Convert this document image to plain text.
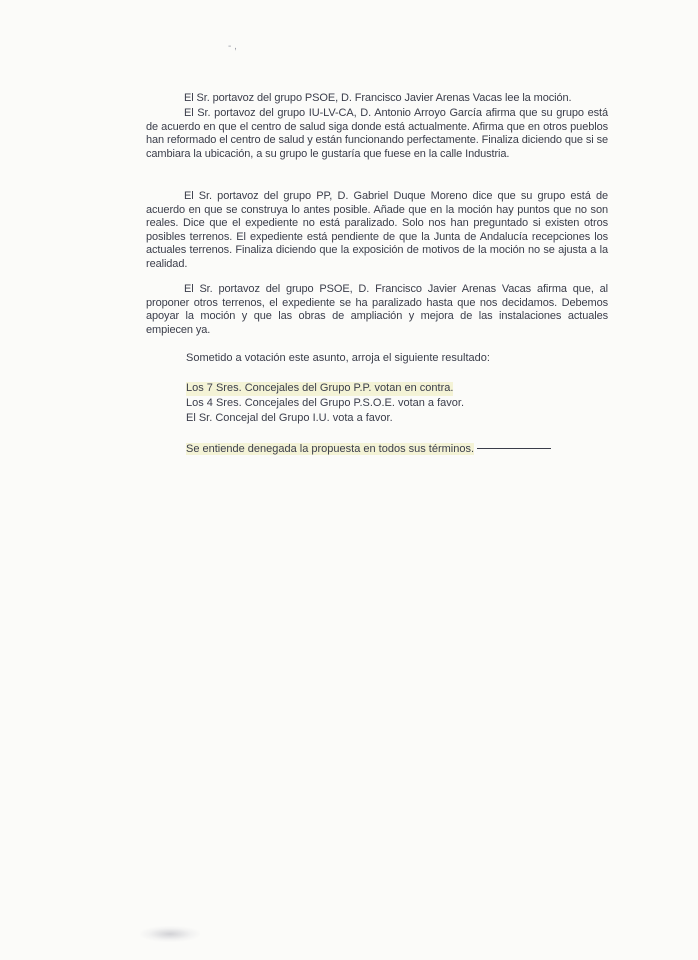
- ,

El Sr. portavoz del grupo PSOE, D. Francisco Javier Arenas Vacas lee la moción.

El Sr. portavoz del grupo IU-LV-CA, D. Antonio Arroyo García afirma que su grupo está de acuerdo en que el centro de salud siga donde está actualmente. Afirma que en otros pueblos han reformado el centro de salud y están funcionando perfectamente. Finaliza diciendo que si se cambiara la ubicación, a su grupo le gustaría que fuese en la calle Industria.

El Sr. portavoz del grupo PP, D. Gabriel Duque Moreno dice que su grupo está de acuerdo en que se construya lo antes posible. Añade que en la moción hay puntos que no son reales. Dice que el expediente no está paralizado. Solo nos han preguntado si existen otros posibles terrenos. El expediente está pendiente de que la Junta de Andalucía recepciones los actuales terrenos. Finaliza diciendo que la exposición de motivos de la moción no se ajusta a la realidad.

El Sr. portavoz del grupo PSOE, D. Francisco Javier Arenas Vacas afirma que, al proponer otros terrenos, el expediente se ha paralizado hasta que nos decidamos. Debemos apoyar la moción y que las obras de ampliación y mejora de las instalaciones actuales empiecen ya.

Sometido a votación este asunto, arroja el siguiente resultado:
Los 7 Sres. Concejales del Grupo P.P. votan en contra.
Los 4 Sres. Concejales del Grupo P.S.O.E. votan a favor.
El Sr. Concejal del Grupo I.U. vota a favor.
Se entiende denegada la propuesta en todos sus términos.
